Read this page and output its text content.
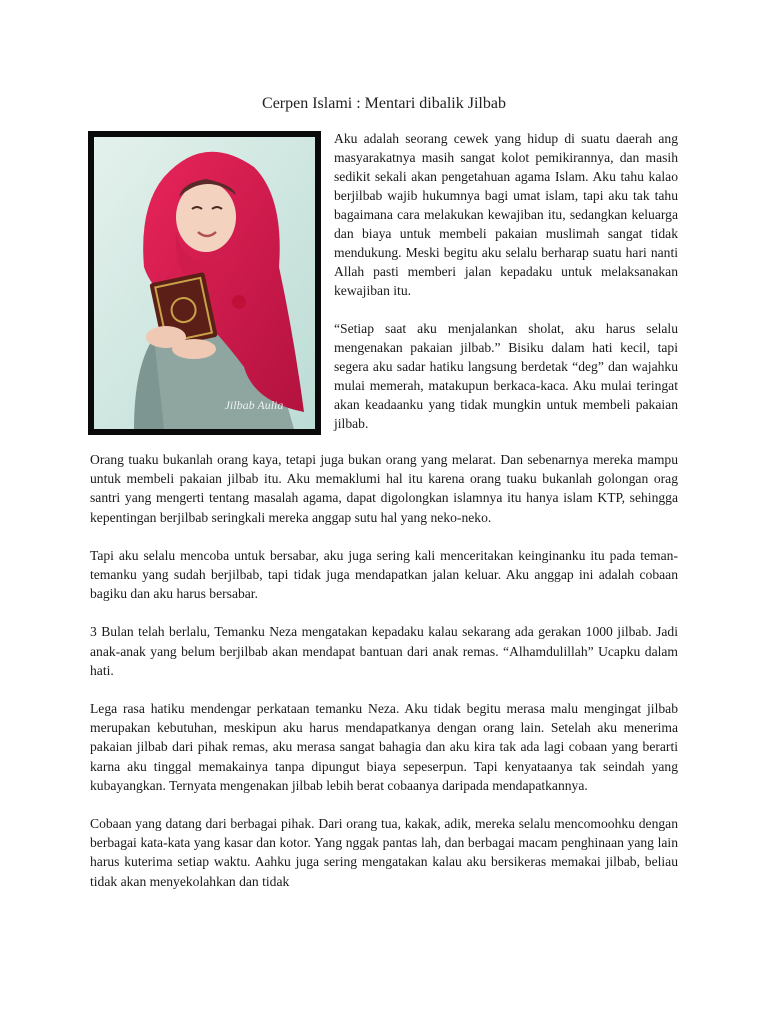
Cerpen Islami : Mentari dibalik Jilbab
Jilbab Aulia

Aku adalah seorang cewek yang hidup di suatu daerah ang masyarakatnya masih sangat kolot pemikirannya, dan masih sedikit sekali akan pengetahuan agama Islam. Aku tahu kalao berjilbab wajib hukumnya bagi umat islam, tapi aku tak tahu bagaimana cara melakukan kewajiban itu, sedangkan keluarga dan biaya untuk membeli pakaian muslimah sangat tidak mendukung. Meski begitu aku selalu berharap suatu hari nanti Allah pasti memberi jalan kepadaku untuk melaksanakan kewajiban itu.

“Setiap saat aku menjalankan sholat, aku harus selalu mengenakan pakaian jilbab.” Bisiku dalam hati kecil, tapi segera aku sadar hatiku langsung berdetak “deg” dan wajahku mulai memerah, matakupun berkaca-kaca. Aku mulai teringat akan keadaanku yang tidak mungkin untuk membeli pakaian jilbab.

Orang tuaku bukanlah orang kaya, tetapi juga bukan orang yang melarat. Dan sebenarnya mereka mampu untuk membeli pakaian jilbab itu. Aku memaklumi hal itu karena orang tuaku bukanlah golongan orag santri yang mengerti tentang masalah agama, dapat digolongkan islamnya itu hanya islam KTP, sehingga kepentingan berjilbab seringkali mereka anggap sutu hal yang neko-neko.

Tapi aku selalu mencoba untuk bersabar, aku juga sering kali menceritakan keinginanku itu pada teman-temanku yang sudah berjilbab, tapi tidak juga mendapatkan jalan keluar. Aku anggap ini adalah cobaan bagiku dan aku harus bersabar.

3 Bulan telah berlalu, Temanku Neza mengatakan kepadaku kalau sekarang ada gerakan 1000 jilbab. Jadi anak-anak yang belum berjilbab akan mendapat bantuan dari anak remas. “Alhamdulillah” Ucapku dalam hati.

Lega rasa hatiku mendengar perkataan temanku Neza. Aku tidak begitu merasa malu mengingat jilbab merupakan kebutuhan, meskipun aku harus mendapatkanya dengan orang lain. Setelah aku menerima pakaian jilbab dari pihak remas, aku merasa sangat bahagia dan aku kira tak ada lagi cobaan yang berarti karna aku tinggal memakainya tanpa dipungut biaya sepeserpun. Tapi kenyataanya tak seindah yang kubayangkan. Ternyata mengenakan jilbab lebih berat cobaanya daripada mendapatkannya.

Cobaan yang datang dari berbagai pihak. Dari orang tua, kakak, adik, mereka selalu mencomoohku dengan berbagai kata-kata yang kasar dan kotor. Yang nggak pantas lah, dan berbagai macam penghinaan yang lain harus kuterima setiap waktu. Aahku juga sering mengatakan kalau aku bersikeras memakai jilbab, beliau tidak akan menyekolahkan dan tidak
